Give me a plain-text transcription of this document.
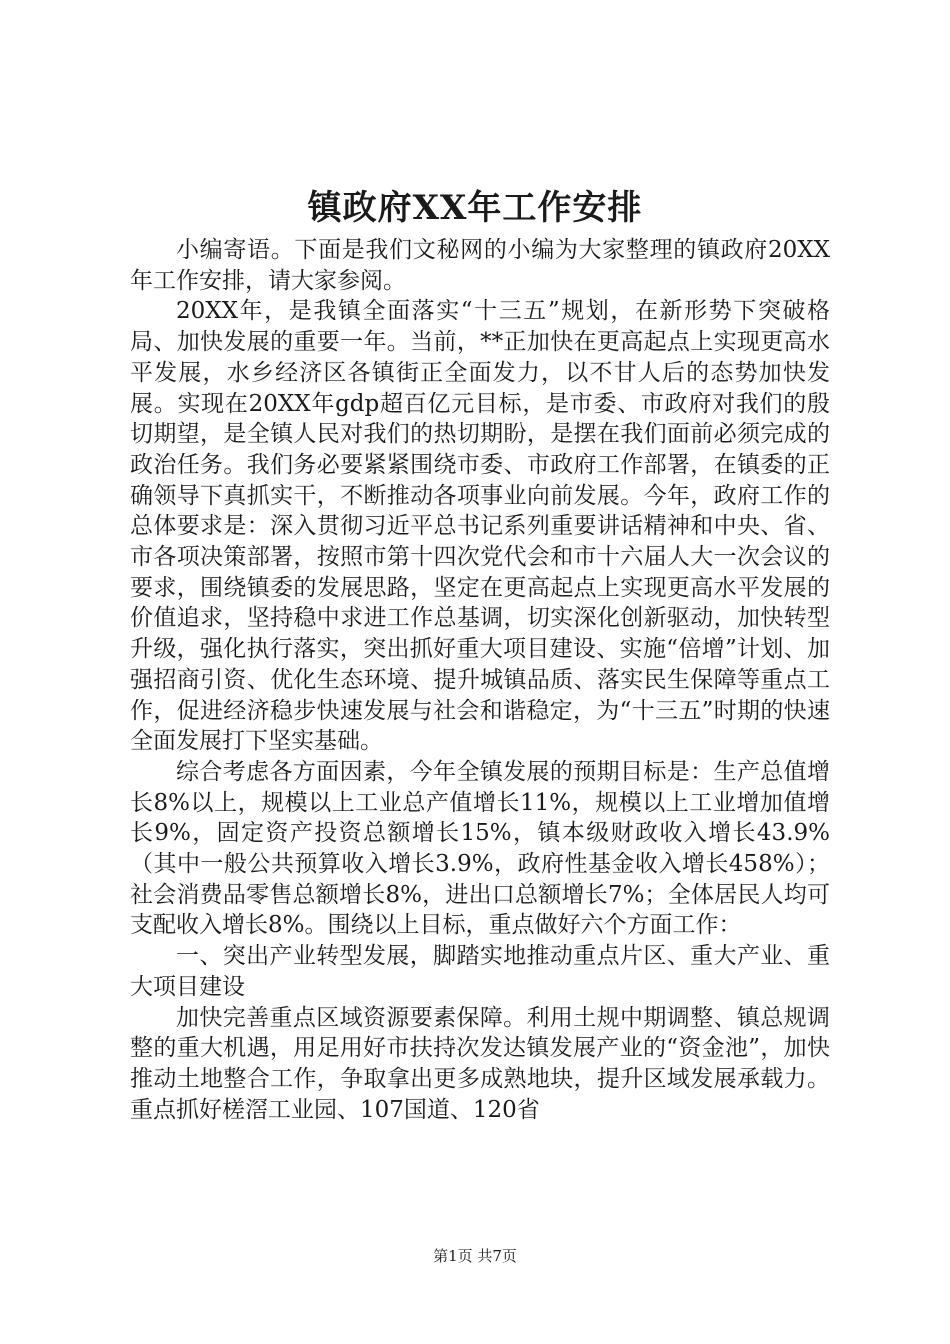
镇政府XX年工作安排

小编寄语。下面是我们文秘网的小编为大家整理的镇政府20XX年工作安排，请大家参阅。

20XX年，是我镇全面落实“十三五”规划，在新形势下突破格局、加快发展的重要一年。当前，**正加快在更高起点上实现更高水平发展，水乡经济区各镇街正全面发力，以不甘人后的态势加快发展。实现在20XX年gdp超百亿元目标，是市委、市政府对我们的殷切期望，是全镇人民对我们的热切期盼，是摆在我们面前必须完成的政治任务。我们务必要紧紧围绕市委、市政府工作部署，在镇委的正确领导下真抓实干，不断推动各项事业向前发展。今年，政府工作的总体要求是：深入贯彻习近平总书记系列重要讲话精神和中央、省、市各项决策部署，按照市第十四次党代会和市十六届人大一次会议的要求，围绕镇委的发展思路，坚定在更高起点上实现更高水平发展的价值追求，坚持稳中求进工作总基调，切实深化创新驱动，加快转型升级，强化执行落实，突出抓好重大项目建设、实施“倍增”计划、加强招商引资、优化生态环境、提升城镇品质、落实民生保障等重点工作，促进经济稳步快速发展与社会和谐稳定，为“十三五”时期的快速全面发展打下坚实基础。

综合考虑各方面因素，今年全镇发展的预期目标是：生产总值增长8%以上，规模以上工业总产值增长11%，规模以上工业增加值增长9%，固定资产投资总额增长15%，镇本级财政收入增长43.9%（其中一般公共预算收入增长3.9%，政府性基金收入增长458%）；社会消费品零售总额增长8%，进出口总额增长7%；全体居民人均可支配收入增长8%。围绕以上目标，重点做好六个方面工作：

一、突出产业转型发展，脚踏实地推动重点片区、重大产业、重大项目建设

加快完善重点区域资源要素保障。利用土规中期调整、镇总规调整的重大机遇，用足用好市扶持次发达镇发展产业的“资金池”，加快推动土地整合工作，争取拿出更多成熟地块，提升区域发展承载力。重点抓好槎滘工业园、107国道、120省

第1页 共7页
